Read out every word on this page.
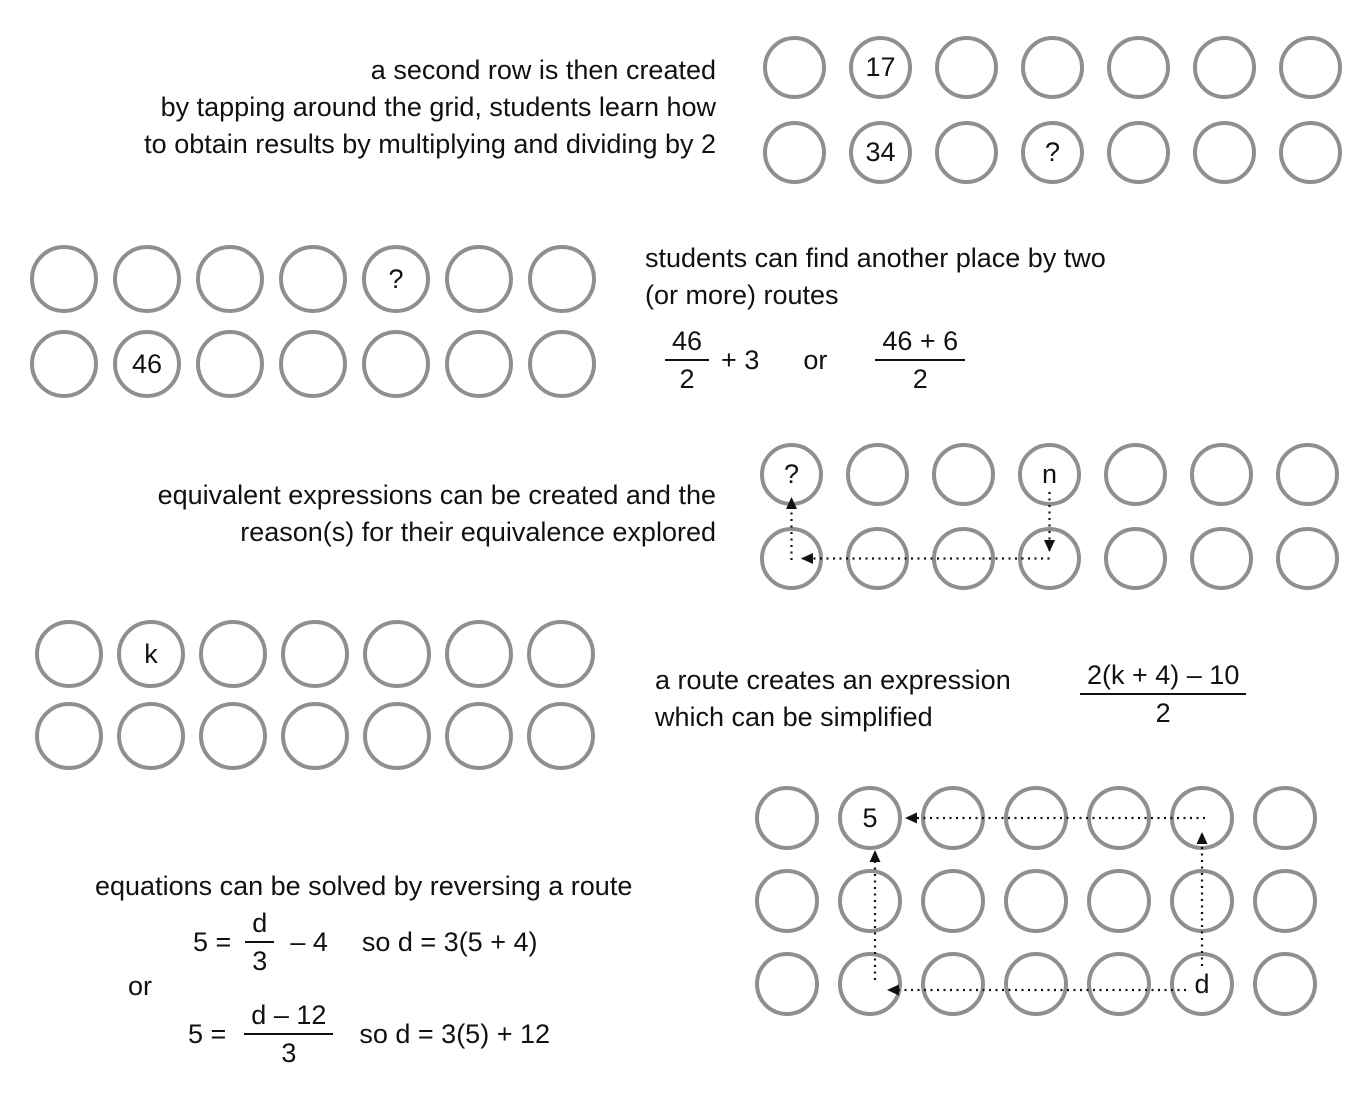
a second row is then created
by tapping around the grid, students learn how
to obtain results by multiplying and dividing by 2
17
34	?
?
46
students can find another place by two
(or more) routes
$\frac{46}{2} + 3$ or $\frac{46 + 6}{2}$
equivalent expressions can be created and the
reason(s) for their equivalence explored
?	n
k
a route creates an expression
which can be simplified	$\frac{2(k + 4) - 10}{2}$
equations can be solved by reversing a route
$5 = \frac{d}{3} - 4$ so d = 3(5 + 4)
or
$5 = \frac{d - 12}{3}$ so d = 3(5) + 12
5
d
